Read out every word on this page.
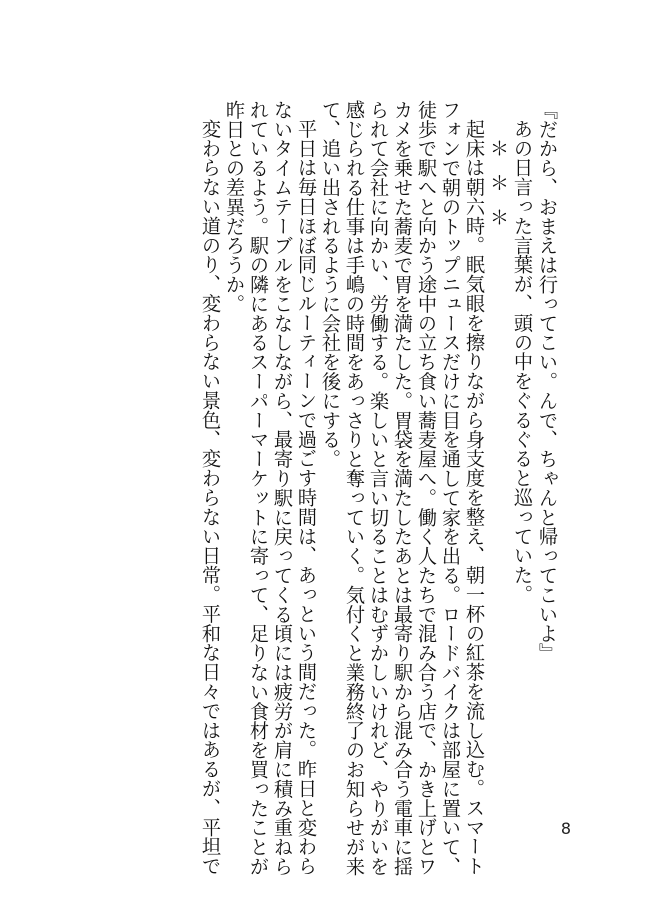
『だから、おまえは行ってこい。んで、ちゃんと帰ってこいよ』

あの日言った言葉が、頭の中をぐるぐると巡っていた。

＊＊＊

起床は朝六時。眠気眼を擦りながら身支度を整え、朝一杯の紅茶を流し込む。スマート

フォンで朝のトップニュースだけに目を通して家を出る。ロードバイクは部屋に置いて、

徒歩で駅へと向かう途中の立ち食い蕎麦屋へ。働く人たちで混み合う店で、かき上げとワ

カメを乗せた蕎麦で胃を満たした。胃袋を満たしたあとは最寄り駅から混み合う電車に揺

られて会社に向かい、労働する。楽しいと言い切ることはむずかしいけれど、やりがいを

感じられる仕事は手嶋の時間をあっさりと奪っていく。気付くと業務終了のお知らせが来

て、追い出されるように会社を後にする。

平日は毎日ほぼ同じルーティーンで過ごす時間は、あっという間だった。昨日と変わら

ないタイムテーブルをこなしながら、最寄り駅に戻ってくる頃には疲労が肩に積み重ねら

れているよう。駅の隣にあるスーパーマーケットに寄って、足りない食材を買ったことが

昨日との差異だろうか。

変わらない道のり、変わらない景色、変わらない日常。平和な日々ではあるが、平坦で	8
